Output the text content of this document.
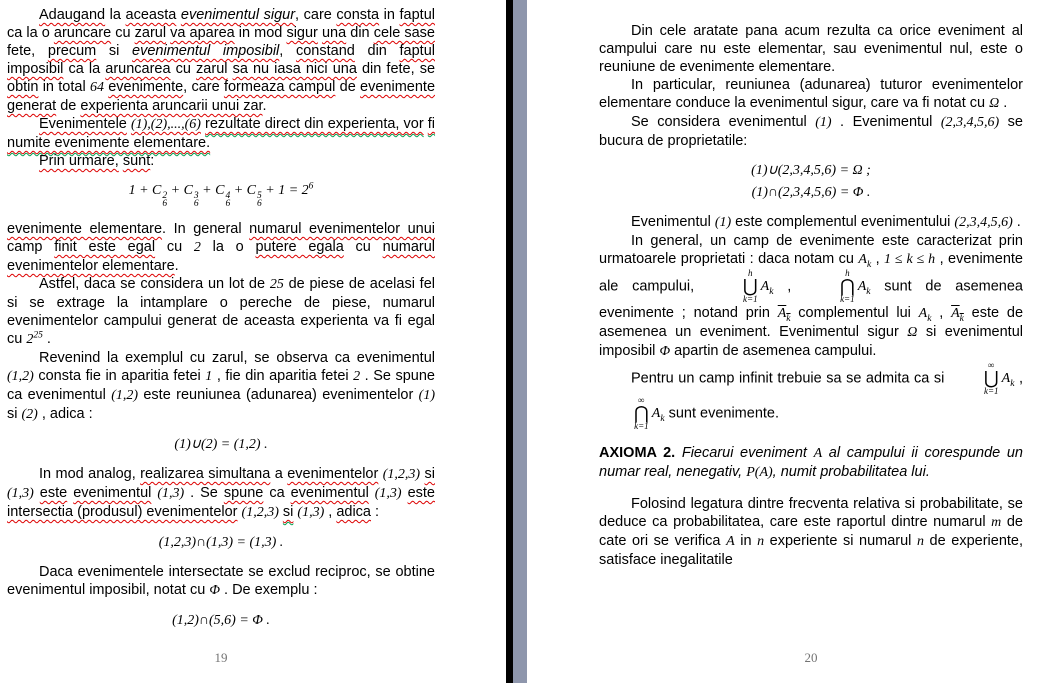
Adaugand la aceasta evenimentul sigur, care consta in faptul ca la o aruncare cu zarul va aparea in mod sigur una din cele sase fete, precum si evenimentul imposibil, constand din faptul imposibil ca la aruncarea cu zarul sa nu iasa nici una din fete, se obtin in total 64 evenimente, care formeaza campul de evenimente generat de experienta aruncarii unui zar.

Evenimentele (1),(2),...,(6) rezultate direct din experienta, vor fi numite evenimente elementare.

Prin urmare, sunt:

1 + C 2
6
+ C 3
6
+ C 4
6
+ C 5
6
+ $1 = 2^6$

evenimente elementare. In general numarul evenimentelor unui camp finit este egal cu 2 la o putere egala cu numarul evenimentelor elementare.

Astfel, daca se considera un lot de 25 de piese de acelasi fel si se extrage la intamplare o pereche de piese, numarul evenimentelor campului generat de aceasta experienta va fi egal cu $2^{25}$ .

Revenind la exemplul cu zarul, se observa ca evenimentul (1,2) consta fie in aparitia fetei 1 , fie din aparitia fetei 2 . Se spune ca evenimentul (1,2) este reuniunea (adunarea) evenimentelor (1) si (2) , adica :

(1)∪(2) = (1,2) .

In mod analog, realizarea simultana a evenimentelor (1,2,3) si (1,3) este evenimentul (1,3) . Se spune ca evenimentul (1,3) este intersectia (produsul) evenimentelor (1,2,3) si (1,3) , adica :

(1,2,3)∩(1,3) = (1,3) .

Daca evenimentele intersectate se exclud reciproc, se obtine evenimentul imposibil, notat cu Φ . De exemplu :

(1,2)∩(5,6) = Φ .
19

Din cele aratate pana acum rezulta ca orice eveniment al campului care nu este elementar, sau evenimentul nul, este o reuniune de evenimente elementare.

In particular, reuniunea (adunarea) tuturor evenimentelor elementare conduce la evenimentul sigur, care va fi notat cu Ω .

Se considera evenimentul (1) . Evenimentul (2,3,4,5,6) se bucura de proprietatile:

(1)∪(2,3,4,5,6) = Ω ;
(1)∩(2,3,4,5,6) = Φ .

Evenimentul (1) este complementul evenimentului (2,3,4,5,6) .

In general, un camp de evenimente este caracterizat prin urmatoarele proprietati : daca notam cu $A_k$ , 1 ≤ k ≤ h , evenimente ale campului,
h
⋃
k=1
$A_k$ ,
h
⋂
k=1
$A_k$ sunt de asemenea evenimente ; notand prin $A_k$ complementul lui $A_k$ , $A_k$ este de asemenea un eveniment. Evenimentul sigur Ω si evenimentul imposibil Φ apartin de asemenea campului.

Pentru un camp infinit trebuie sa se admita ca si
∞
⋃
k=1
$A_k$ ,
∞
⋂
k=1
$A_k$ sunt evenimente.

AXIOMA 2. Fiecarui eveniment A al campului ii corespunde un numar real, nenegativ, P(A), numit probabilitatea lui.

Folosind legatura dintre frecventa relativa si probabilitate, se deduce ca probabilitatea, care este raportul dintre numarul m de cate ori se verifica A in n experiente si numarul n de experiente, satisface inegalitatile

20
